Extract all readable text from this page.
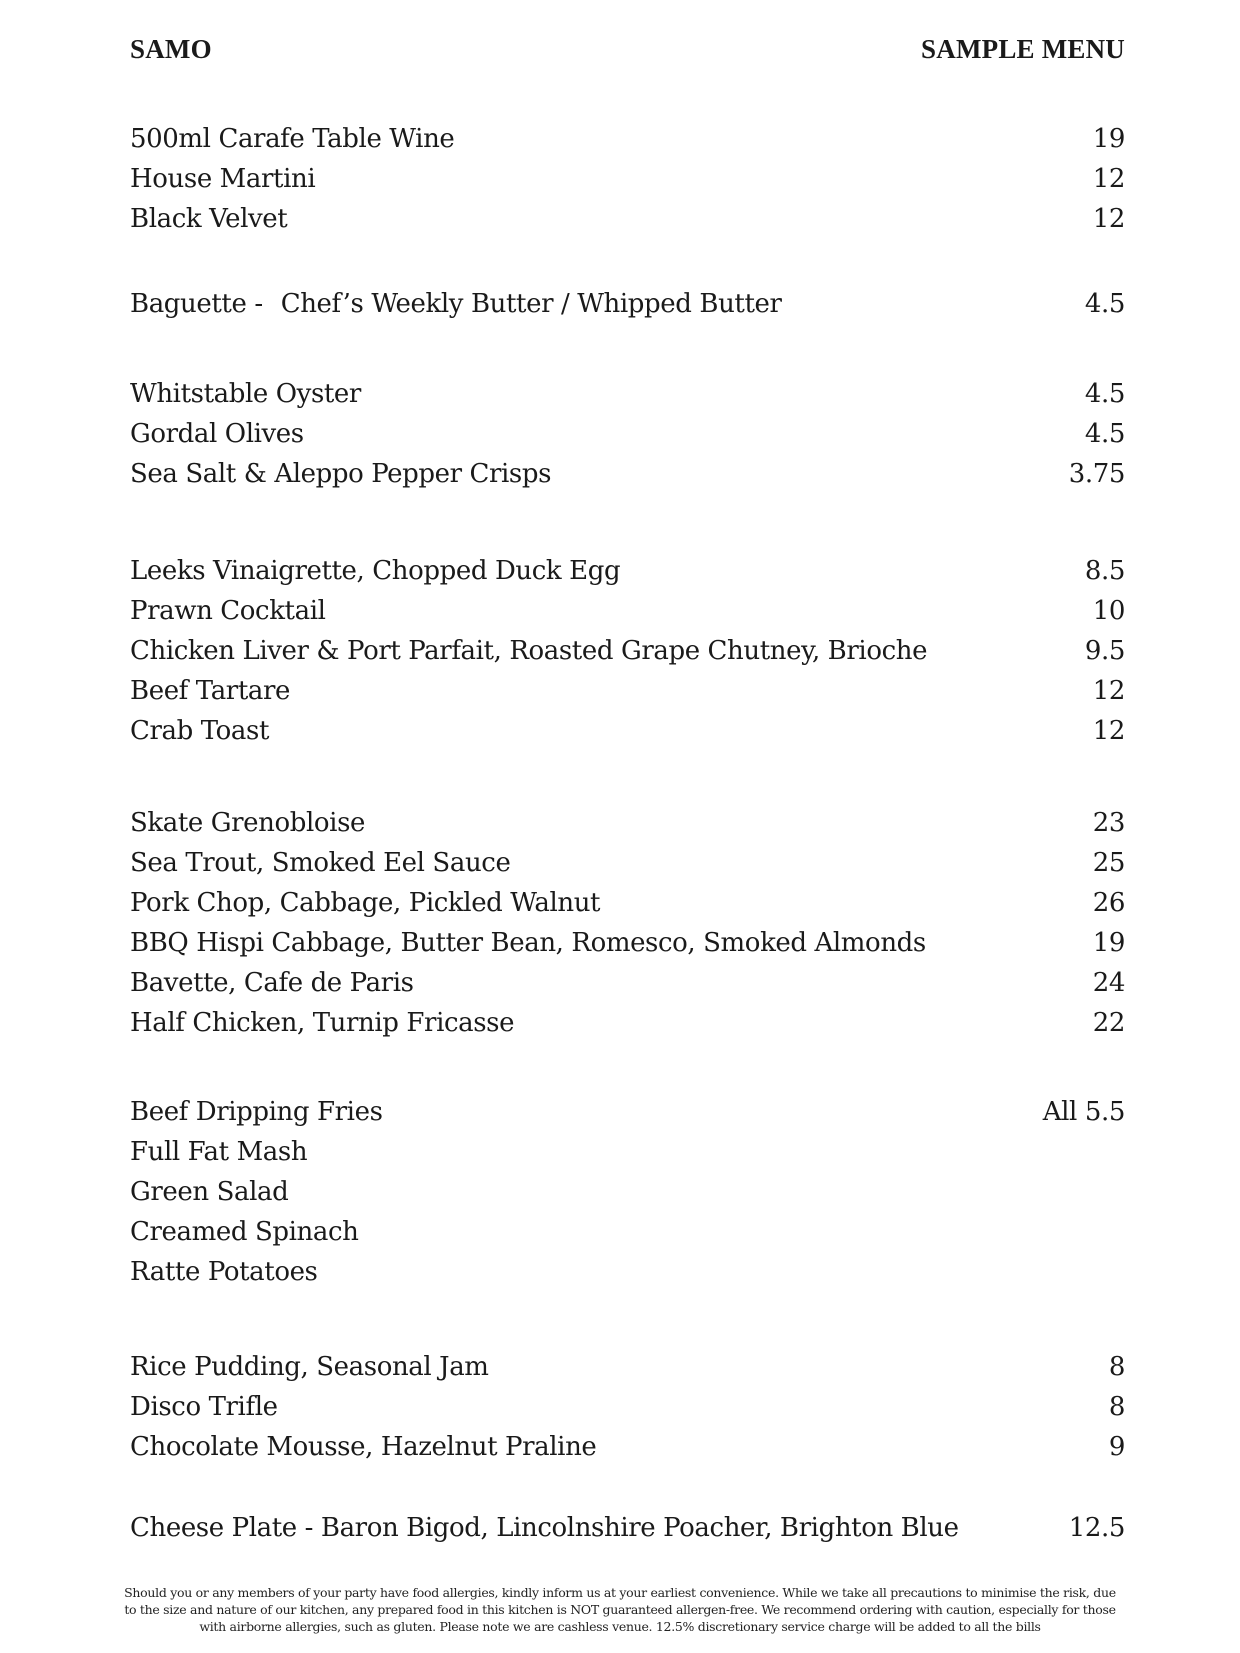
SAMO	SAMPLE MENU
500ml Carafe Table Wine	19
House Martini	12
Black Velvet	12
Baguette - Chef’s Weekly Butter / Whipped Butter	4.5
Whitstable Oyster	4.5
Gordal Olives	4.5
Sea Salt & Aleppo Pepper Crisps	3.75
Leeks Vinaigrette, Chopped Duck Egg	8.5
Prawn Cocktail	10
Chicken Liver & Port Parfait, Roasted Grape Chutney, Brioche	9.5
Beef Tartare	12
Crab Toast	12
Skate Grenobloise	23
Sea Trout, Smoked Eel Sauce	25
Pork Chop, Cabbage, Pickled Walnut	26
BBQ Hispi Cabbage, Butter Bean, Romesco, Smoked Almonds	19
Bavette, Cafe de Paris	24
Half Chicken, Turnip Fricasse	22
Beef Dripping Fries	All 5.5
Full Fat Mash
Green Salad
Creamed Spinach
Ratte Potatoes
Rice Pudding, Seasonal Jam	8
Disco Trifle	8
Chocolate Mousse, Hazelnut Praline	9
Cheese Plate - Baron Bigod, Lincolnshire Poacher, Brighton Blue	12.5
Should you or any members of your party have food allergies, kindly inform us at your earliest convenience. While we take all precautions to minimise the risk, due
to the size and nature of our kitchen, any prepared food in this kitchen is NOT guaranteed allergen-free. We recommend ordering with caution, especially for those
with airborne allergies, such as gluten. Please note we are cashless venue. 12.5% discretionary service charge will be added to all the bills
